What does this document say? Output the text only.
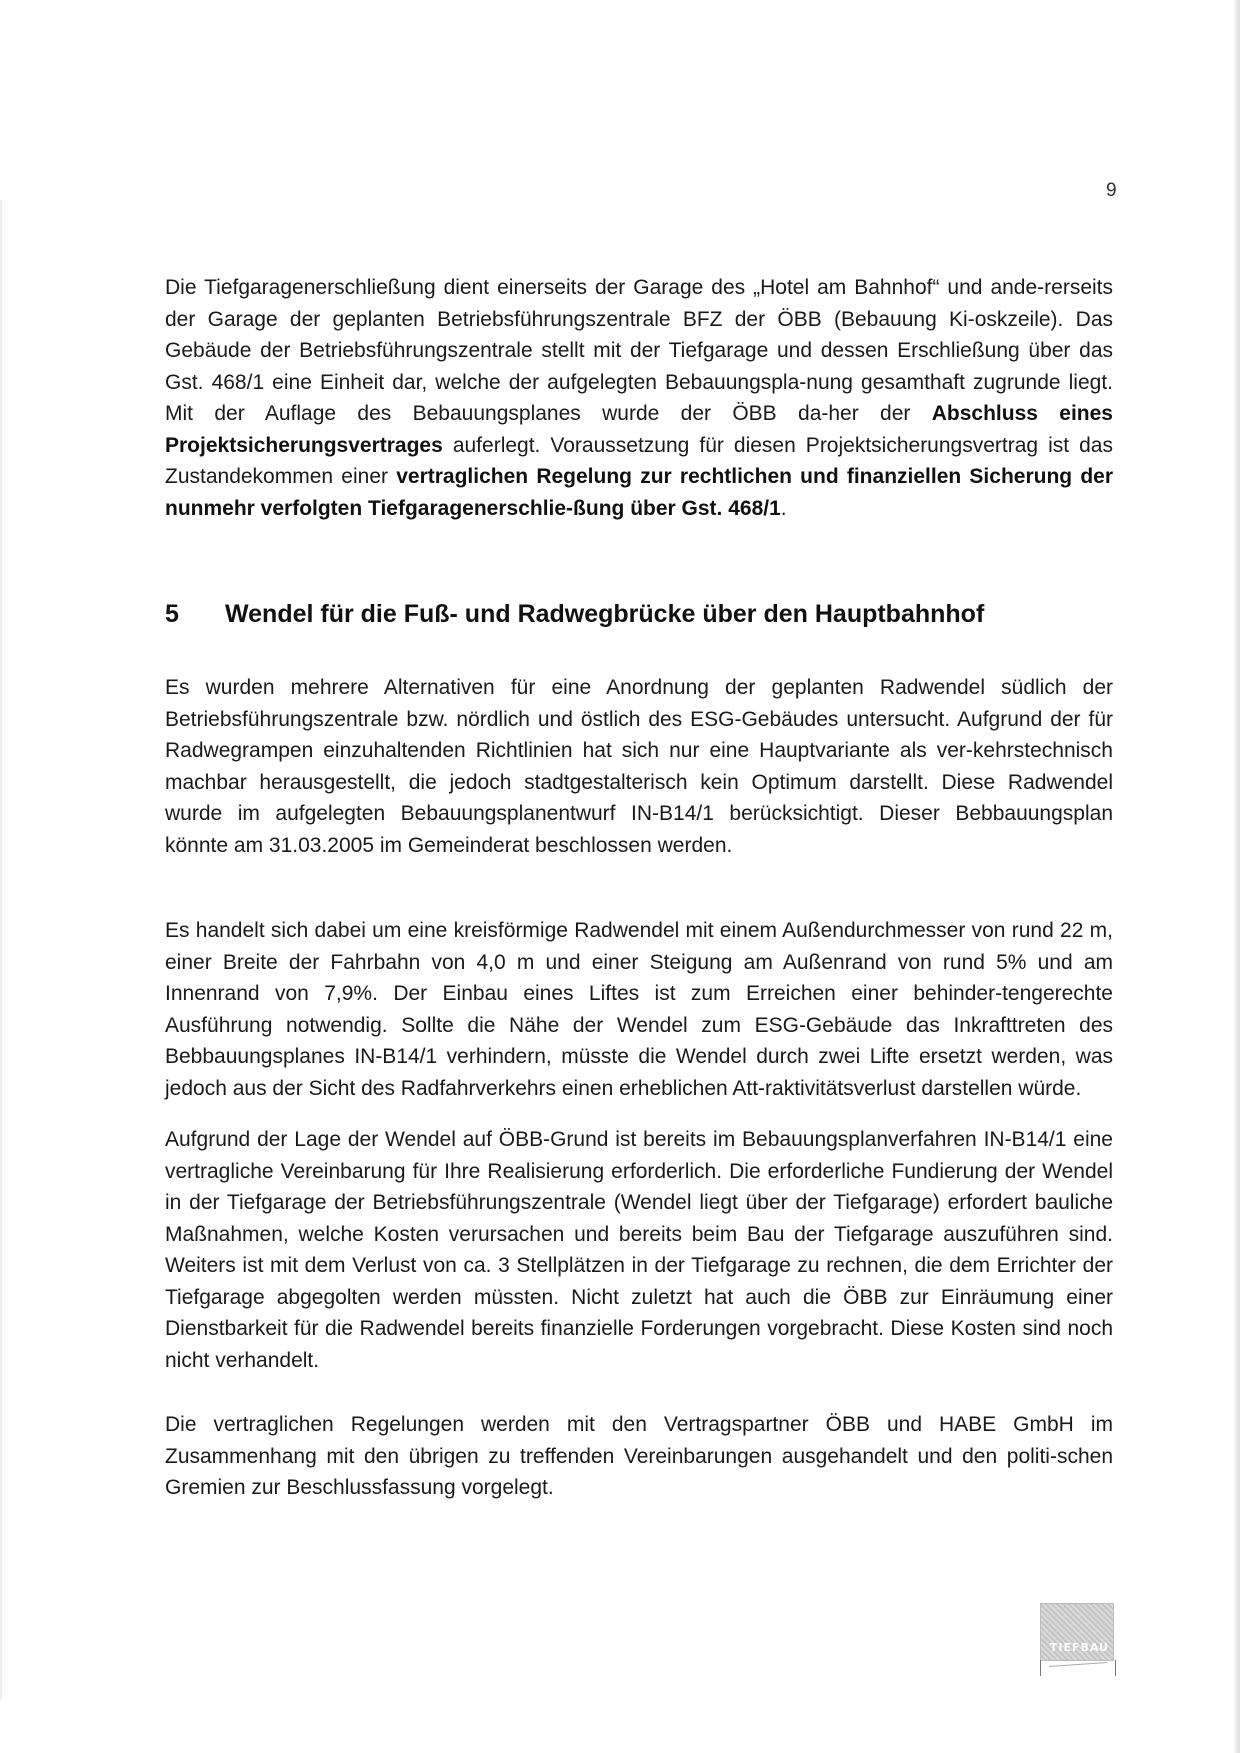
9
Die Tiefgaragenerschließung dient einerseits der Garage des „Hotel am Bahnhof“ und ande-rerseits der Garage der geplanten Betriebsführungszentrale BFZ der ÖBB (Bebauung Ki-oskzeile). Das Gebäude der Betriebsführungszentrale stellt mit der Tiefgarage und dessen Erschließung über das Gst. 468/1 eine Einheit dar, welche der aufgelegten Bebauungspla-nung gesamthaft zugrunde liegt. Mit der Auflage des Bebauungsplanes wurde der ÖBB da-her der Abschluss eines Projektsicherungsvertrages auferlegt. Voraussetzung für diesen Projektsicherungsvertrag ist das Zustandekommen einer vertraglichen Regelung zur rechtlichen und finanziellen Sicherung der nunmehr verfolgten Tiefgaragenerschlie-ßung über Gst. 468/1.
5 Wendel für die Fuß- und Radwegbrücke über den Hauptbahnhof

Es wurden mehrere Alternativen für eine Anordnung der geplanten Radwendel südlich der Betriebsführungszentrale bzw. nördlich und östlich des ESG-Gebäudes untersucht. Aufgrund der für Radwegrampen einzuhaltenden Richtlinien hat sich nur eine Hauptvariante als ver-kehrstechnisch machbar herausgestellt, die jedoch stadtgestalterisch kein Optimum darstellt. Diese Radwendel wurde im aufgelegten Bebauungsplanentwurf IN-B14/1 berücksichtigt. Dieser Bebbauungsplan könnte am 31.03.2005 im Gemeinderat beschlossen werden.

Es handelt sich dabei um eine kreisförmige Radwendel mit einem Außendurchmesser von rund 22 m, einer Breite der Fahrbahn von 4,0 m und einer Steigung am Außenrand von rund 5% und am Innenrand von 7,9%. Der Einbau eines Liftes ist zum Erreichen einer behinder-tengerechte Ausführung notwendig. Sollte die Nähe der Wendel zum ESG-Gebäude das Inkrafttreten des Bebbauungsplanes IN-B14/1 verhindern, müsste die Wendel durch zwei Lifte ersetzt werden, was jedoch aus der Sicht des Radfahrverkehrs einen erheblichen Att-raktivitätsverlust darstellen würde.

Aufgrund der Lage der Wendel auf ÖBB-Grund ist bereits im Bebauungsplanverfahren IN-B14/1 eine vertragliche Vereinbarung für Ihre Realisierung erforderlich. Die erforderliche Fundierung der Wendel in der Tiefgarage der Betriebsführungszentrale (Wendel liegt über der Tiefgarage) erfordert bauliche Maßnahmen, welche Kosten verursachen und bereits beim Bau der Tiefgarage auszuführen sind. Weiters ist mit dem Verlust von ca. 3 Stellplätzen in der Tiefgarage zu rechnen, die dem Errichter der Tiefgarage abgegolten werden müssten. Nicht zuletzt hat auch die ÖBB zur Einräumung einer Dienstbarkeit für die Radwendel bereits finanzielle Forderungen vorgebracht. Diese Kosten sind noch nicht verhandelt.

Die vertraglichen Regelungen werden mit den Vertragspartner ÖBB und HABE GmbH im Zusammenhang mit den übrigen zu treffenden Vereinbarungen ausgehandelt und den politi-schen Gremien zur Beschlussfassung vorgelegt.

TIEFBAU
